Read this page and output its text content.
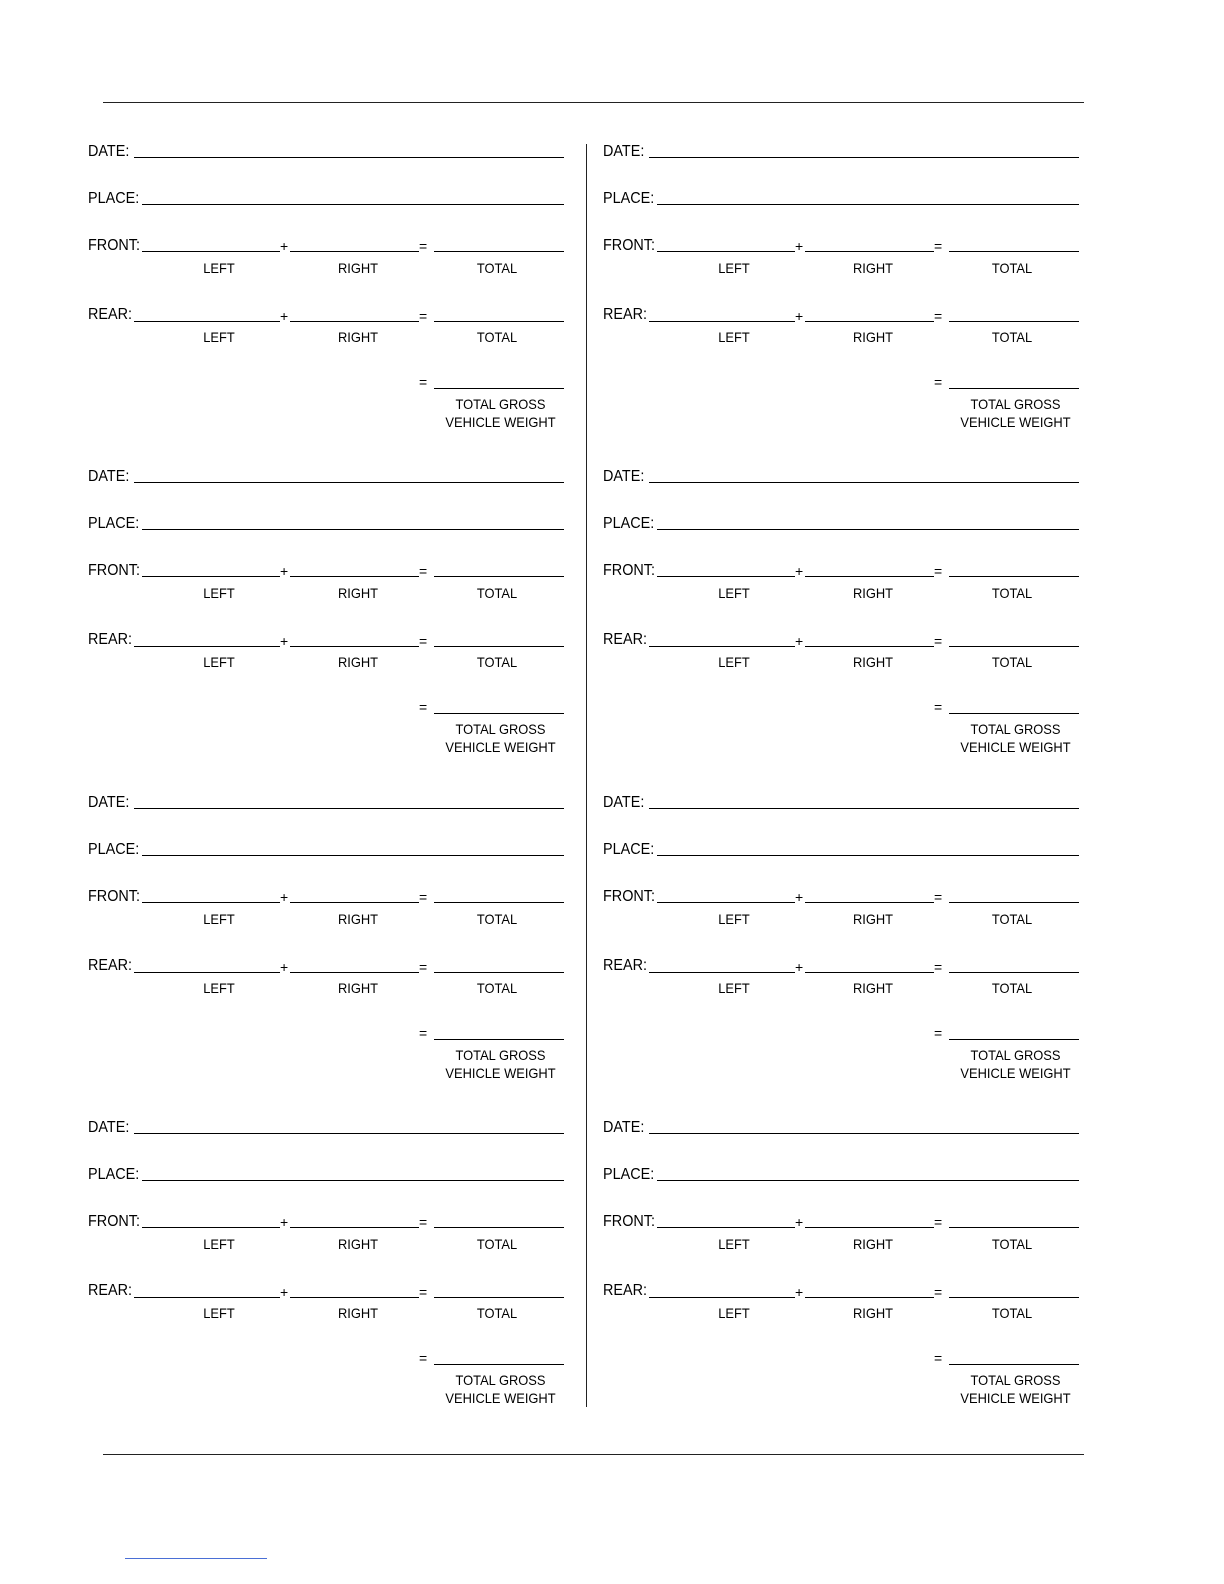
DATE:
PLACE:
FRONT:	+	=
LEFT	RIGHT	TOTAL
REAR:	+	=
LEFT	RIGHT	TOTAL
=
TOTAL GROSS
VEHICLE WEIGHT
DATE:
PLACE:
FRONT:	+	=
LEFT	RIGHT	TOTAL
REAR:	+	=
LEFT	RIGHT	TOTAL
=
TOTAL GROSS
VEHICLE WEIGHT
DATE:
PLACE:
FRONT:	+	=
LEFT	RIGHT	TOTAL
REAR:	+	=
LEFT	RIGHT	TOTAL
=
TOTAL GROSS
VEHICLE WEIGHT
DATE:
PLACE:
FRONT:	+	=
LEFT	RIGHT	TOTAL
REAR:	+	=
LEFT	RIGHT	TOTAL
=
TOTAL GROSS
VEHICLE WEIGHT
DATE:
PLACE:
FRONT:	+	=
LEFT	RIGHT	TOTAL
REAR:	+	=
LEFT	RIGHT	TOTAL
=
TOTAL GROSS
VEHICLE WEIGHT
DATE:
PLACE:
FRONT:	+	=
LEFT	RIGHT	TOTAL
REAR:	+	=
LEFT	RIGHT	TOTAL
=
TOTAL GROSS
VEHICLE WEIGHT
DATE:
PLACE:
FRONT:	+	=
LEFT	RIGHT	TOTAL
REAR:	+	=
LEFT	RIGHT	TOTAL
=
TOTAL GROSS
VEHICLE WEIGHT
DATE:
PLACE:
FRONT:	+	=
LEFT	RIGHT	TOTAL
REAR:	+	=
LEFT	RIGHT	TOTAL
=
TOTAL GROSS
VEHICLE WEIGHT
